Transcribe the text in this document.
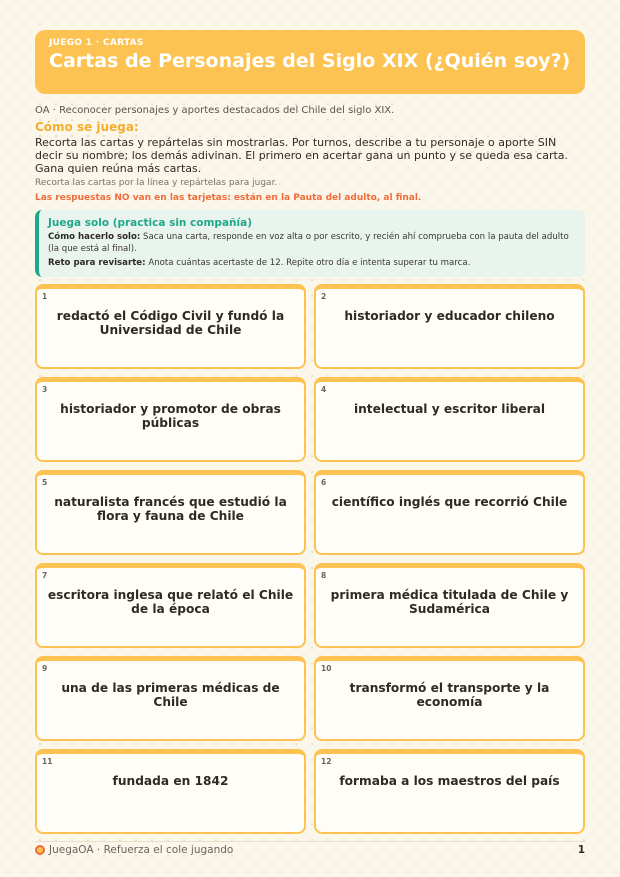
JUEGO 1 · CARTAS
Cartas de Personajes del Siglo XIX (¿Quién soy?)
OA · Reconocer personajes y aportes destacados del Chile del siglo XIX.
Cómo se juega:
Recorta las cartas y repártelas sin mostrarlas. Por turnos, describe a tu personaje o aporte SIN decir su nombre; los demás adivinan. El primero en acertar gana un punto y se queda esa carta. Gana quien reúna más cartas.
Recorta las cartas por la línea y repártelas para jugar.
Las respuestas NO van en las tarjetas: están en la Pauta del adulto, al final.
Juega solo (practica sin compañía)
Cómo hacerlo solo: Saca una carta, responde en voz alta o por escrito, y recién ahí comprueba con la pauta del adulto (la que está al final).
Reto para revisarte: Anota cuántas acertaste de 12. Repite otro día e intenta superar tu marca.
1
redactó el Código Civil y fundó la Universidad de Chile
2
historiador y educador chileno
3
historiador y promotor de obras públicas
4
intelectual y escritor liberal
5
naturalista francés que estudió la flora y fauna de Chile
6
científico inglés que recorrió Chile
7
escritora inglesa que relató el Chile de la época
8
primera médica titulada de Chile y Sudamérica
9
una de las primeras médicas de Chile
10
transformó el transporte y la economía
11
fundada en 1842
12
formaba a los maestros del país
JuegaOA · Refuerza el cole jugando	1
